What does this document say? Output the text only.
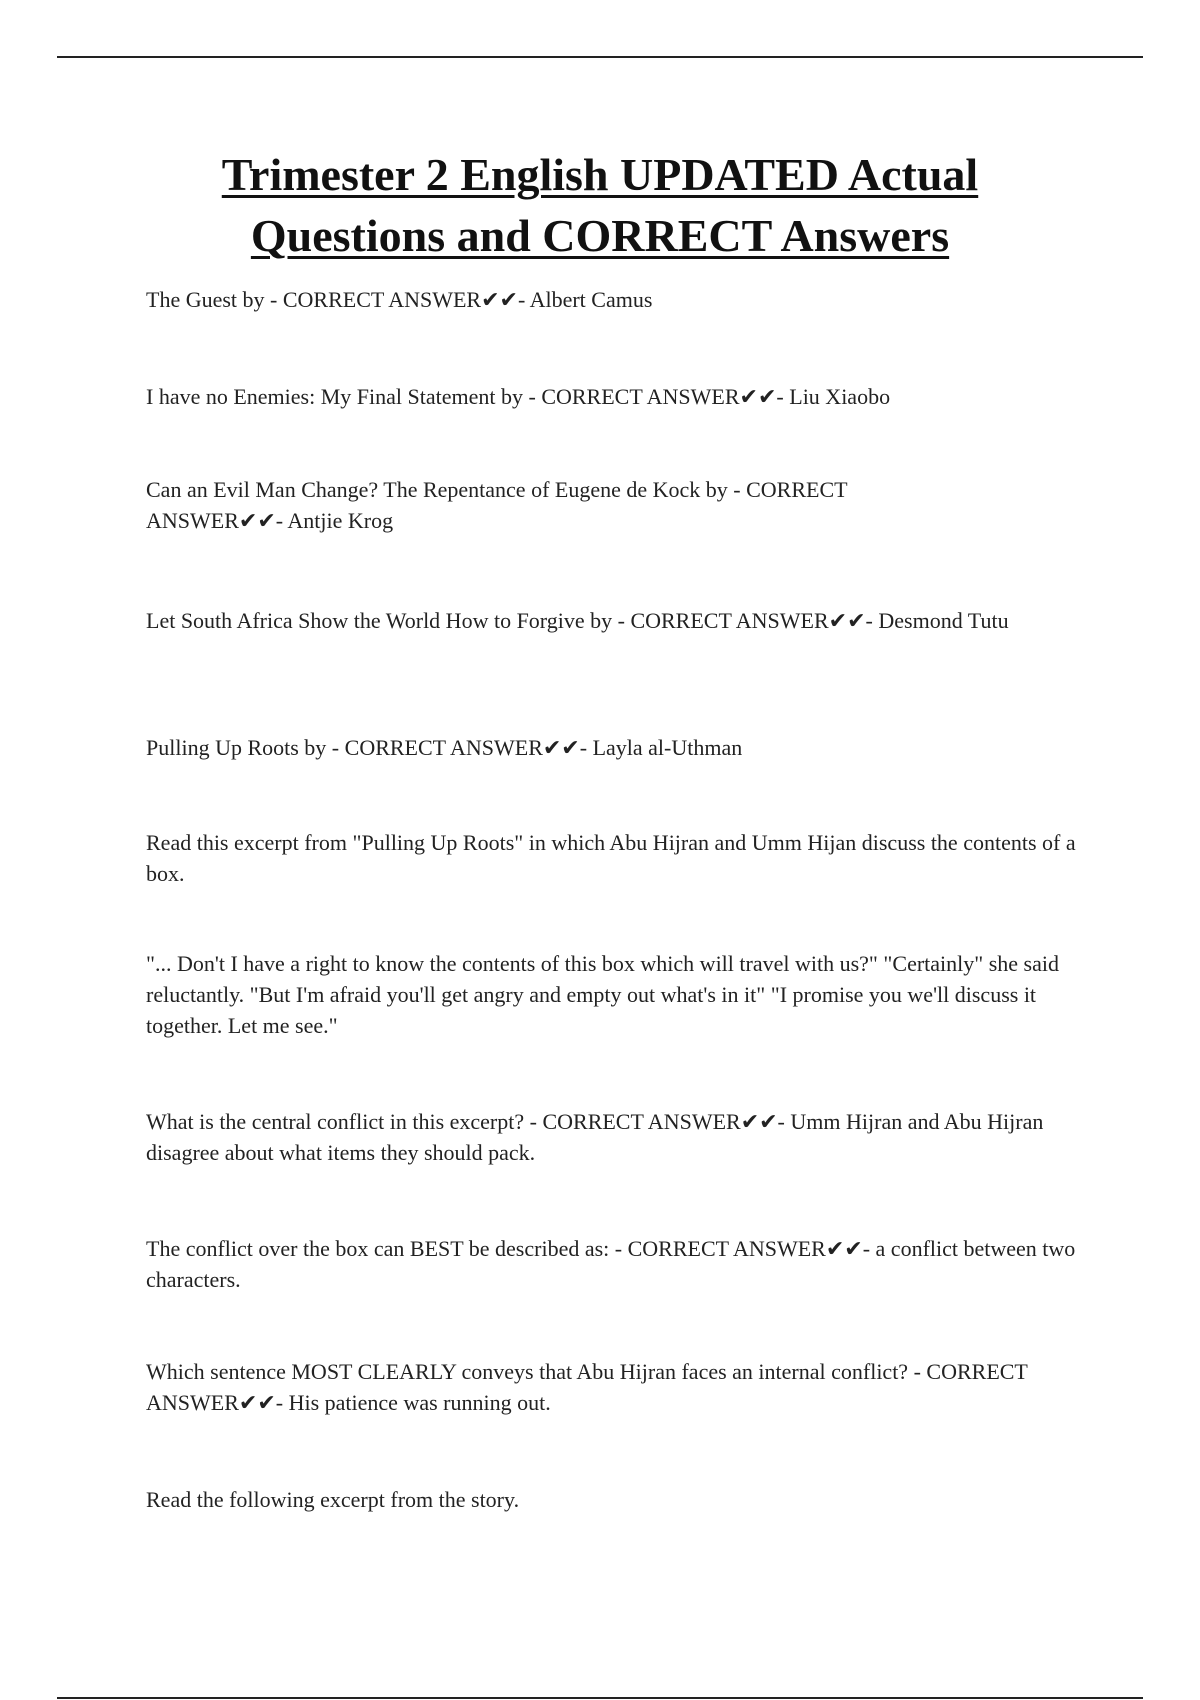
Trimester 2 English UPDATED Actual
Questions and CORRECT Answers

The Guest by - CORRECT ANSWER✔✔- Albert Camus

I have no Enemies: My Final Statement by - CORRECT ANSWER✔✔- Liu Xiaobo

Can an Evil Man Change? The Repentance of Eugene de Kock by - CORRECT ANSWER✔✔- Antjie Krog

Let South Africa Show the World How to Forgive by - CORRECT ANSWER✔✔- Desmond Tutu

Pulling Up Roots by - CORRECT ANSWER✔✔- Layla al-Uthman

Read this excerpt from "Pulling Up Roots" in which Abu Hijran and Umm Hijan discuss the contents of a box.

"... Don't I have a right to know the contents of this box which will travel with us?" "Certainly" she said reluctantly. "But I'm afraid you'll get angry and empty out what's in it" "I promise you we'll discuss it together. Let me see."

What is the central conflict in this excerpt? - CORRECT ANSWER✔✔- Umm Hijran and Abu Hijran disagree about what items they should pack.

The conflict over the box can BEST be described as: - CORRECT ANSWER✔✔- a conflict between two characters.

Which sentence MOST CLEARLY conveys that Abu Hijran faces an internal conflict? - CORRECT ANSWER✔✔- His patience was running out.

Read the following excerpt from the story.
